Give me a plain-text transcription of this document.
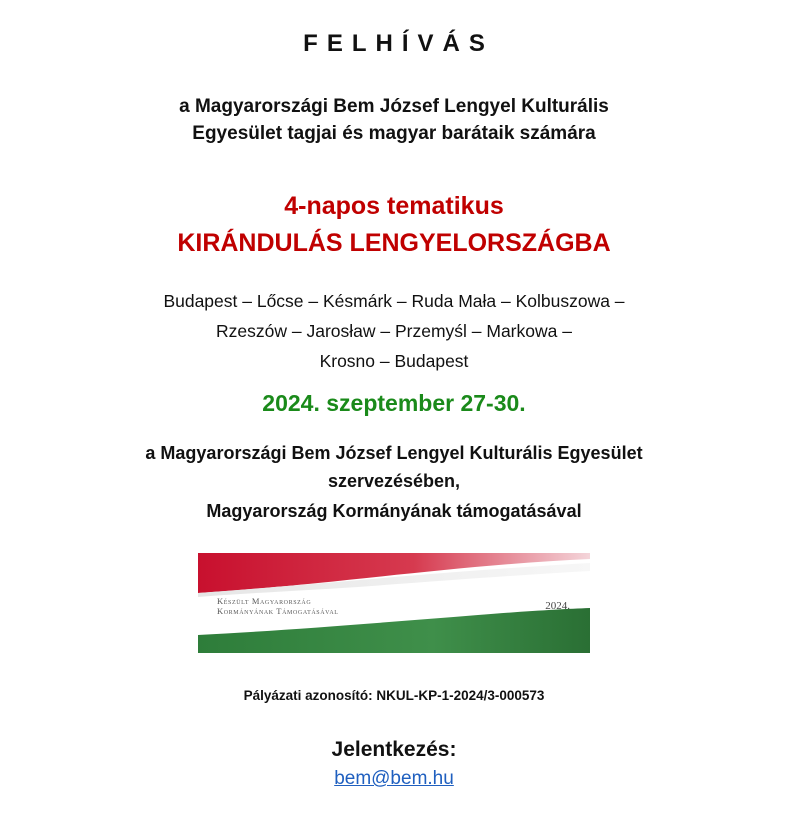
FELHÍVÁS
a Magyarországi Bem József Lengyel Kulturális
Egyesület tagjai és magyar barátaik számára
4-napos tematikus
KIRÁNDULÁS LENGYELORSZÁGBA
Budapest – Lőcse – Késmárk – Ruda Mała – Kolbuszowa –
Rzeszów – Jarosław – Przemyśl – Markowa –
Krosno – Budapest
2024. szeptember 27-30.
a Magyarországi Bem József Lengyel Kulturális Egyesület
szervezésében,
Magyarország Kormányának támogatásával
Készült Magyarország
Kormányának Támogatásával	2024.
Pályázati azonosító: NKUL-KP-1-2024/3-000573
Jelentkezés:
bem@bem.hu
